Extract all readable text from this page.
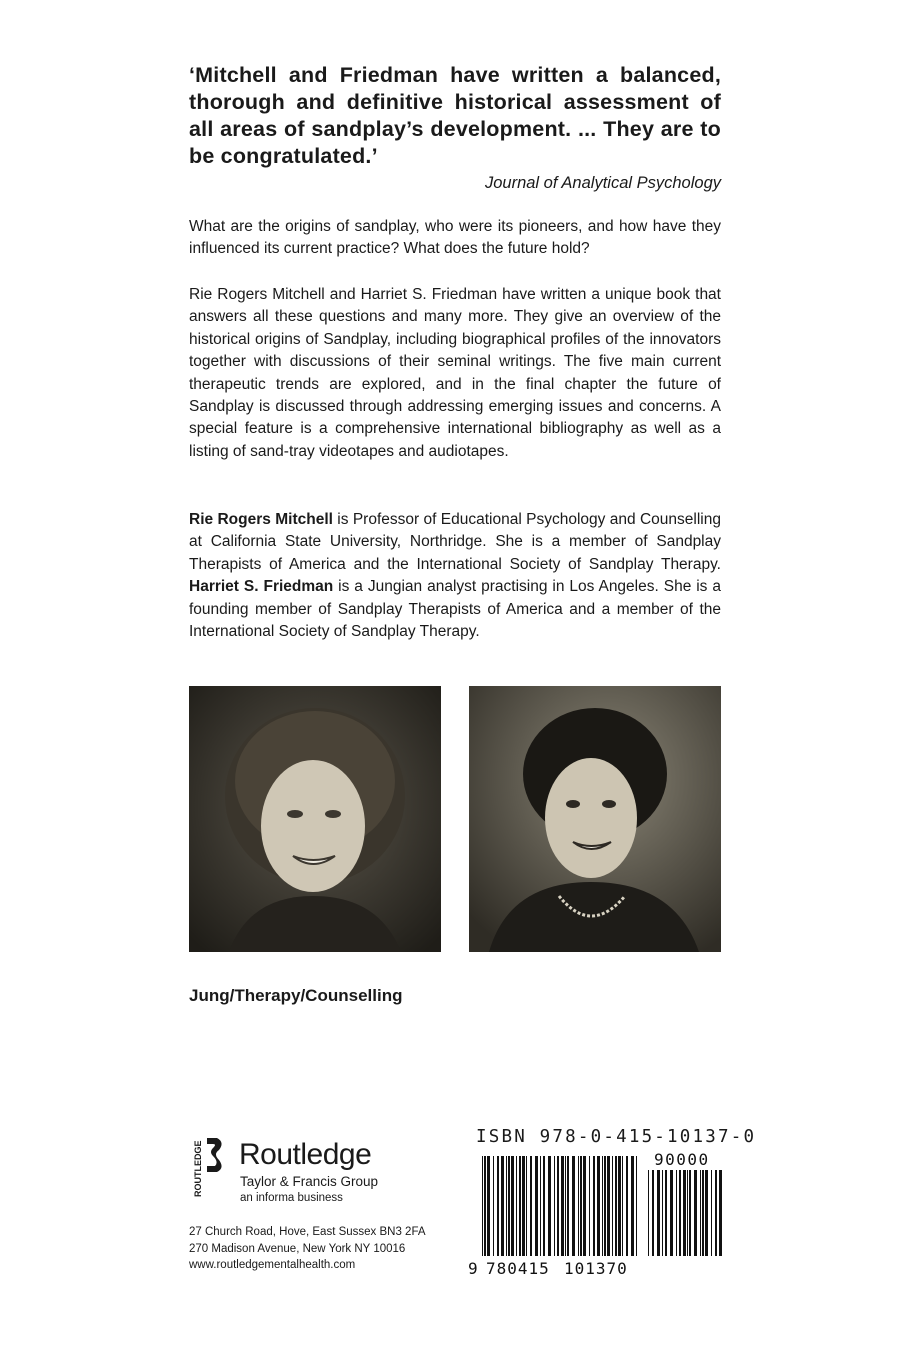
‘Mitchell and Friedman have written a balanced, thorough and definitive historical assessment of all areas of sandplay’s development. ... They are to be congratulated.’
Journal of Analytical Psychology

What are the origins of sandplay, who were its pioneers, and how have they influenced its current practice? What does the future hold?

Rie Rogers Mitchell and Harriet S. Friedman have written a unique book that answers all these questions and many more. They give an overview of the historical origins of Sandplay, including biographical profiles of the innovators together with discussions of their seminal writings. The five main current therapeutic trends are explored, and in the final chapter the future of Sandplay is discussed through addressing emerging issues and concerns. A special feature is a comprehensive international bibliography as well as a listing of sand-tray videotapes and audiotapes.

Rie Rogers Mitchell is Professor of Educational Psychology and Counselling at California State University, Northridge. She is a member of Sandplay Therapists of America and the International Society of Sandplay Therapy. Harriet S. Friedman is a Jungian analyst practising in Los Angeles. She is a founding member of Sandplay Therapists of America and a member of the International Society of Sandplay Therapy.

Jung/Therapy/Counselling
ROUTLEDGE Routledge
Taylor & Francis Group
an informa business
27 Church Road, Hove, East Sussex BN3 2FA
270 Madison Avenue, New York NY 10016
www.routledgementalhealth.com
ISBN 978-0-415-10137-0
90000
9 780415 101370
